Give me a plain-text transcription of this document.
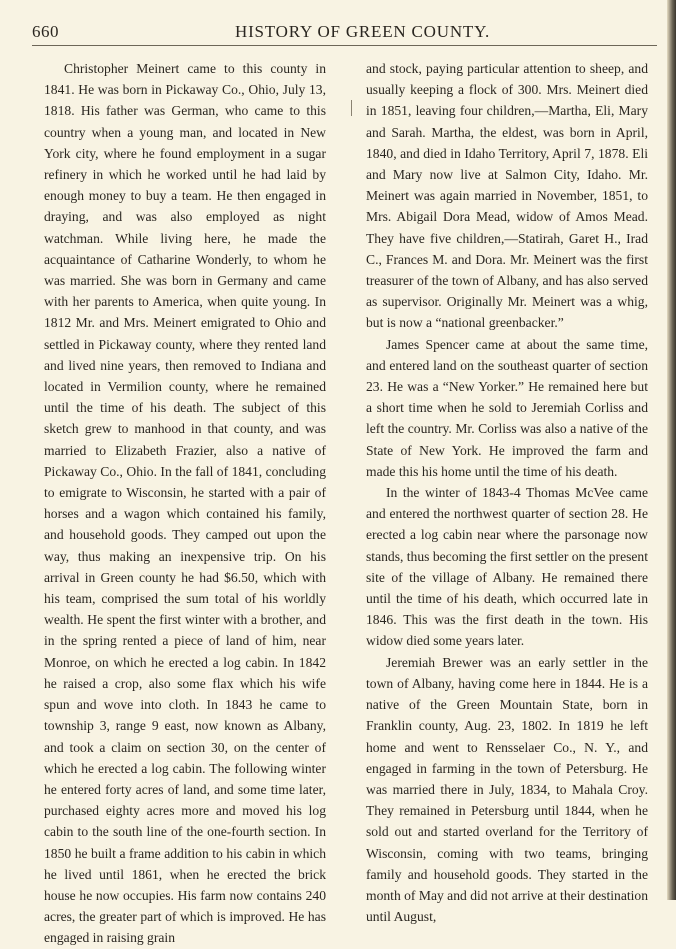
660	HISTORY OF GREEN COUNTY.

Christopher Meinert came to this county in 1841. He was born in Pickaway Co., Ohio, July 13, 1818. His father was German, who came to this country when a young man, and located in New York city, where he found employment in a sugar refinery in which he worked until he had laid by enough money to buy a team. He then engaged in draying, and was also employed as night watchman. While living here, he made the acquaintance of Catharine Wonderly, to whom he was married. She was born in Germany and came with her parents to America, when quite young. In 1812 Mr. and Mrs. Meinert emigrated to Ohio and settled in Pickaway county, where they rented land and lived nine years, then removed to Indiana and located in Vermilion county, where he remained until the time of his death. The subject of this sketch grew to manhood in that county, and was married to Elizabeth Frazier, also a native of Pickaway Co., Ohio. In the fall of 1841, concluding to emigrate to Wisconsin, he started with a pair of horses and a wagon which contained his family, and household goods. They camped out upon the way, thus making an inexpensive trip. On his arrival in Green county he had $6.50, which with his team, comprised the sum total of his worldly wealth. He spent the first winter with a brother, and in the spring rented a piece of land of him, near Monroe, on which he erected a log cabin. In 1842 he raised a crop, also some flax which his wife spun and wove into cloth. In 1843 he came to township 3, range 9 east, now known as Albany, and took a claim on section 30, on the center of which he erected a log cabin. The following winter he entered forty acres of land, and some time later, purchased eighty acres more and moved his log cabin to the south line of the one-fourth section. In 1850 he built a frame addition to his cabin in which he lived until 1861, when he erected the brick house he now occupies. His farm now contains 240 acres, the greater part of which is improved. He has engaged in raising grain

and stock, paying particular attention to sheep, and usually keeping a flock of 300. Mrs. Meinert died in 1851, leaving four children,—Martha, Eli, Mary and Sarah. Martha, the eldest, was born in April, 1840, and died in Idaho Territory, April 7, 1878. Eli and Mary now live at Salmon City, Idaho. Mr. Meinert was again married in November, 1851, to Mrs. Abigail Dora Mead, widow of Amos Mead. They have five children,—Statirah, Garet H., Irad C., Frances M. and Dora. Mr. Meinert was the first treasurer of the town of Albany, and has also served as supervisor. Originally Mr. Meinert was a whig, but is now a “national greenbacker.”

James Spencer came at about the same time, and entered land on the southeast quarter of section 23. He was a “New Yorker.” He remained here but a short time when he sold to Jeremiah Corliss and left the country. Mr. Corliss was also a native of the State of New York. He improved the farm and made this his home until the time of his death.

In the winter of 1843-4 Thomas McVee came and entered the northwest quarter of section 28. He erected a log cabin near where the parsonage now stands, thus becoming the first settler on the present site of the village of Albany. He remained there until the time of his death, which occurred late in 1846. This was the first death in the town. His widow died some years later.

Jeremiah Brewer was an early settler in the town of Albany, having come here in 1844. He is a native of the Green Mountain State, born in Franklin county, Aug. 23, 1802. In 1819 he left home and went to Rensselaer Co., N. Y., and engaged in farming in the town of Petersburg. He was married there in July, 1834, to Mahala Croy. They remained in Petersburg until 1844, when he sold out and started overland for the Territory of Wisconsin, coming with two teams, bringing family and household goods. They started in the month of May and did not arrive at their destination until August,
